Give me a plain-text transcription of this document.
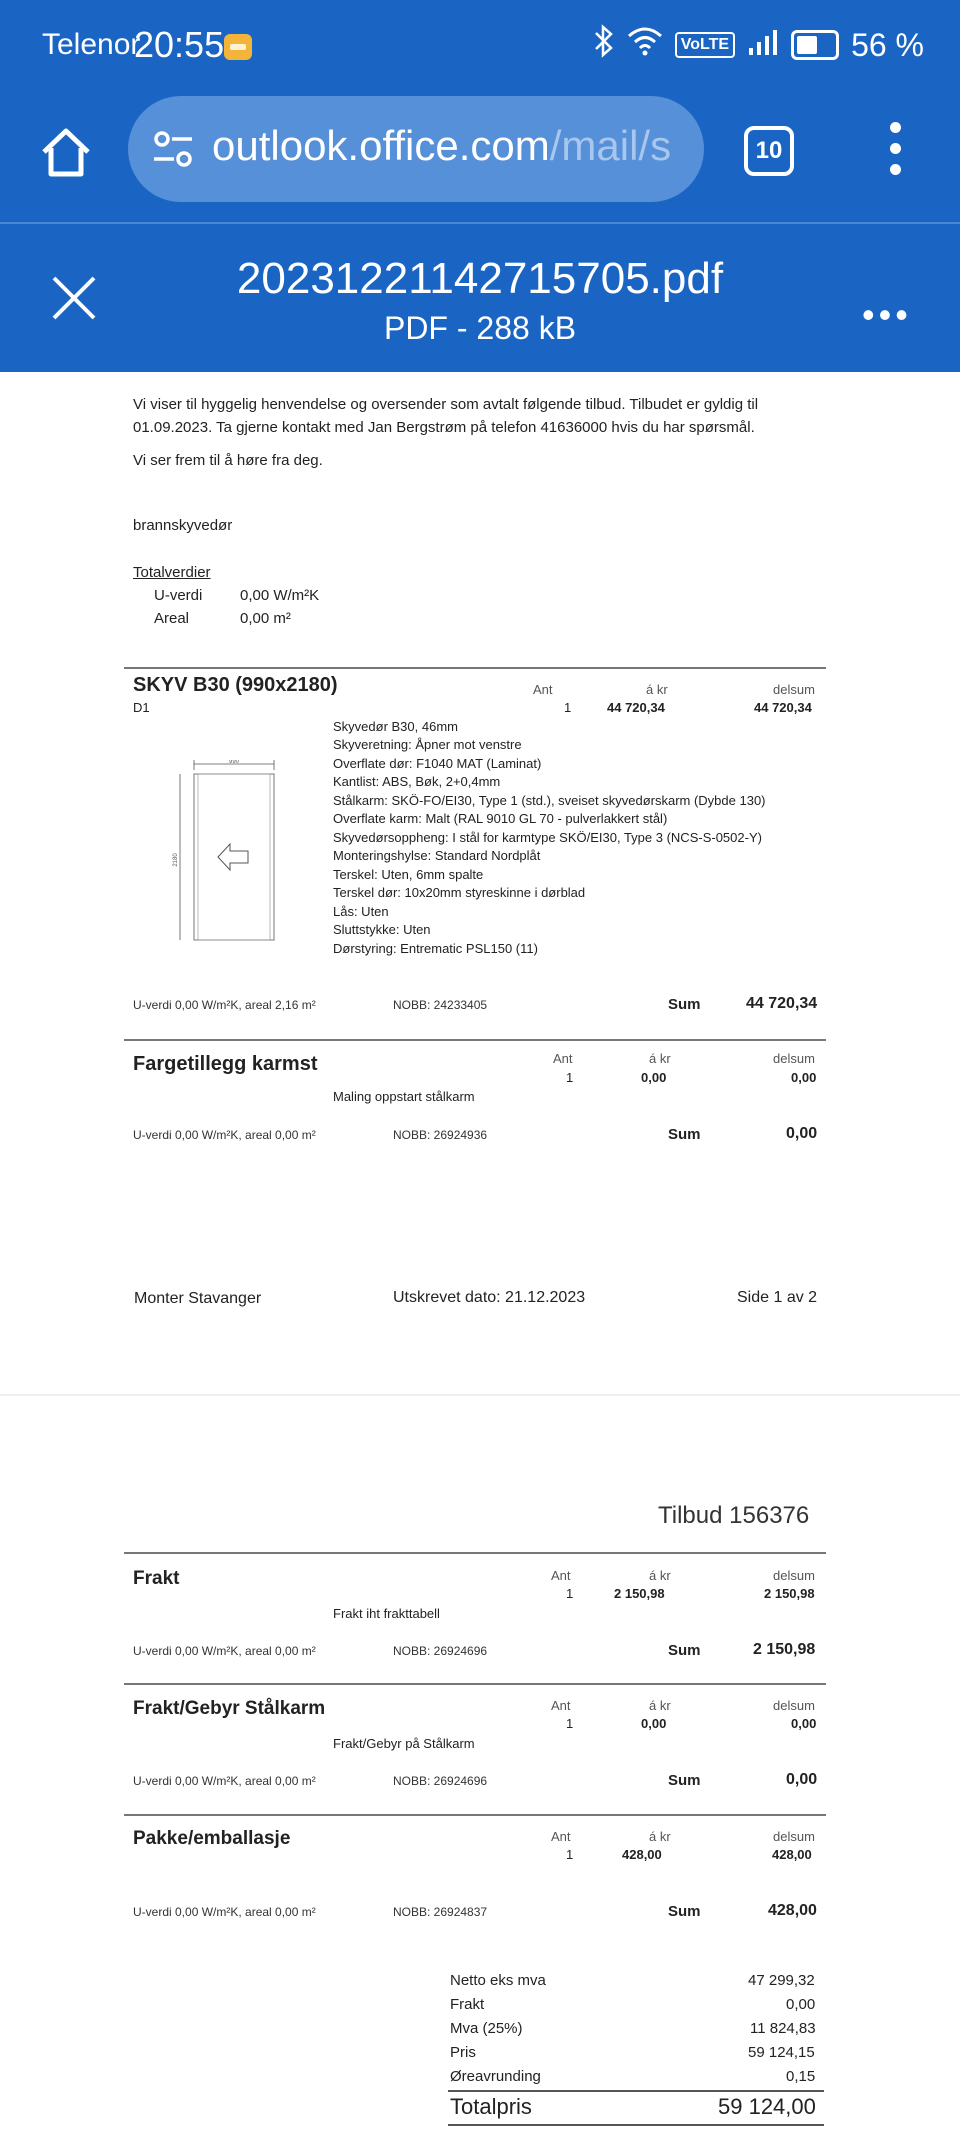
Telenor
20:55	VoLTE	56 %
outlook.office.com/mail/s	10
20231221142715705.pdf
PDF - 288 kB	•••
Vi viser til hyggelig henvendelse og oversender som avtalt følgende tilbud. Tilbudet er gyldig til
01.09.2023. Ta gjerne kontakt med Jan Bergstrøm på telefon 41636000 hvis du har spørsmål.
Vi ser frem til å høre fra deg.
brannskyvedør
Totalverdier
U-verdi	0,00 W/m²K
Areal	0,00 m²
SKYV B30 (990x2180)	Ant	á kr	delsum
D1	1	44 720,34	44 720,34
Skyvedør B30, 46mm
Skyveretning: Åpner mot venstre
Overflate dør: F1040 MAT (Laminat)
Kantlist: ABS, Bøk, 2+0,4mm
Stålkarm: SKÖ-FO/EI30, Type 1 (std.), sveiset skyvedørskarm (Dybde 130)
Overflate karm: Malt (RAL 9010 GL 70 - pulverlakkert stål)
Skyvedørsoppheng: I stål for karmtype SKÖ/EI30, Type 3 (NCS-S-0502-Y)
Monteringshylse: Standard Nordplåt
Terskel: Uten, 6mm spalte
Terskel dør: 10x20mm styreskinne i dørblad
Lås: Uten
Sluttstykke: Uten
Dørstyring: Entrematic PSL150 (11)
990
2180
U-verdi 0,00 W/m²K, areal 2,16 m²	NOBB: 24233405	Sum	44 720,34
Fargetillegg karmst	Ant	á kr	delsum
1	0,00	0,00
Maling oppstart stålkarm
U-verdi 0,00 W/m²K, areal 0,00 m²	NOBB: 26924936	Sum	0,00
Monter Stavanger	Utskrevet dato: 21.12.2023	Side 1 av 2
Tilbud 156376
Frakt	Ant	á kr	delsum
1	2 150,98	2 150,98
Frakt iht frakttabell
U-verdi 0,00 W/m²K, areal 0,00 m²	NOBB: 26924696	Sum	2 150,98
Frakt/Gebyr Stålkarm	Ant	á kr	delsum
1	0,00	0,00
Frakt/Gebyr på Stålkarm
U-verdi 0,00 W/m²K, areal 0,00 m²	NOBB: 26924696	Sum	0,00
Pakke/emballasje	Ant	á kr	delsum
1	428,00	428,00
U-verdi 0,00 W/m²K, areal 0,00 m²	NOBB: 26924837	Sum	428,00
Netto eks mva	47 299,32
Frakt	0,00
Mva (25%)	11 824,83
Pris	59 124,15
Øreavrunding	0,15
Totalpris	59 124,00
